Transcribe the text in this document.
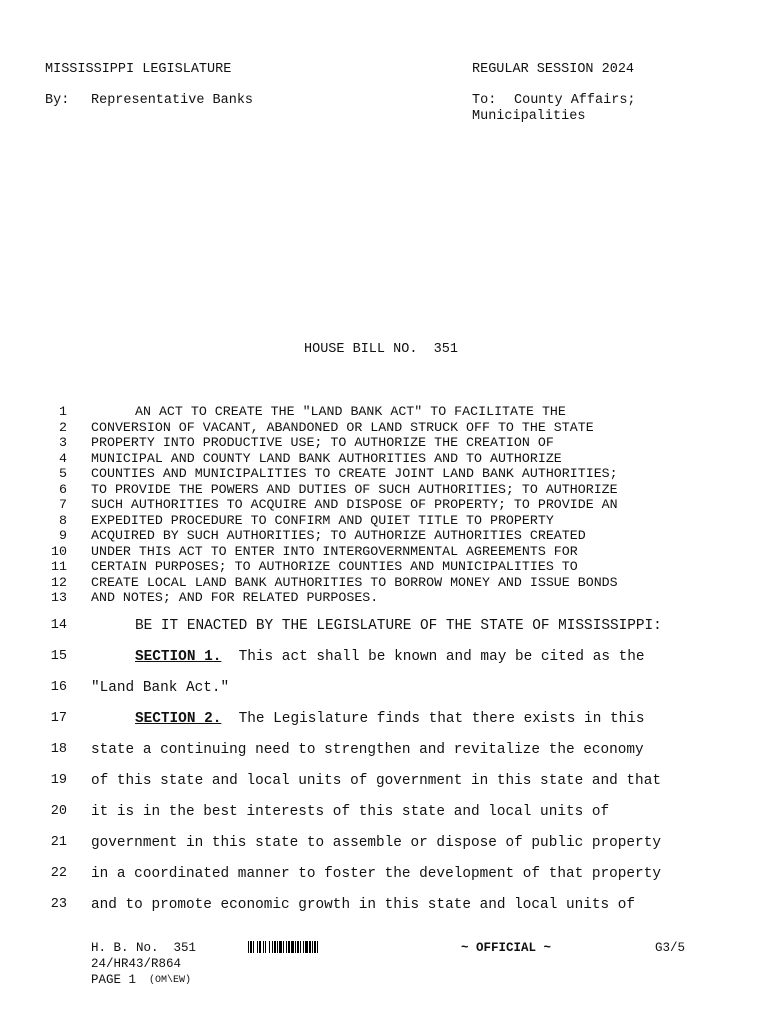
MISSISSIPPI LEGISLATURE	REGULAR SESSION 2024
By: Representative Banks	To: County Affairs;
Municipalities
HOUSE BILL NO.  351
1	AN ACT TO CREATE THE "LAND BANK ACT" TO FACILITATE THE
2 CONVERSION OF VACANT, ABANDONED OR LAND STRUCK OFF TO THE STATE
3 PROPERTY INTO PRODUCTIVE USE; TO AUTHORIZE THE CREATION OF
4 MUNICIPAL AND COUNTY LAND BANK AUTHORITIES AND TO AUTHORIZE
5 COUNTIES AND MUNICIPALITIES TO CREATE JOINT LAND BANK AUTHORITIES;
6 TO PROVIDE THE POWERS AND DUTIES OF SUCH AUTHORITIES; TO AUTHORIZE
7 SUCH AUTHORITIES TO ACQUIRE AND DISPOSE OF PROPERTY; TO PROVIDE AN
8 EXPEDITED PROCEDURE TO CONFIRM AND QUIET TITLE TO PROPERTY
9 ACQUIRED BY SUCH AUTHORITIES; TO AUTHORIZE AUTHORITIES CREATED
10 UNDER THIS ACT TO ENTER INTO INTERGOVERNMENTAL AGREEMENTS FOR
11 CERTAIN PURPOSES; TO AUTHORIZE COUNTIES AND MUNICIPALITIES TO
12 CREATE LOCAL LAND BANK AUTHORITIES TO BORROW MONEY AND ISSUE BONDS
13 AND NOTES; AND FOR RELATED PURPOSES.
14	BE IT ENACTED BY THE LEGISLATURE OF THE STATE OF MISSISSIPPI:
15	SECTION 1.  This act shall be known and may be cited as the
16 "Land Bank Act."
17	SECTION 2.  The Legislature finds that there exists in this
18 state a continuing need to strengthen and revitalize the economy
19 of this state and local units of government in this state and that
20 it is in the best interests of this state and local units of
21 government in this state to assemble or dispose of public property
22 in a coordinated manner to foster the development of that property
23 and to promote economic growth in this state and local units of
H. B. No.  351	~ OFFICIAL ~	G3/5
24/HR43/R864
PAGE 1 (OM\EW)
